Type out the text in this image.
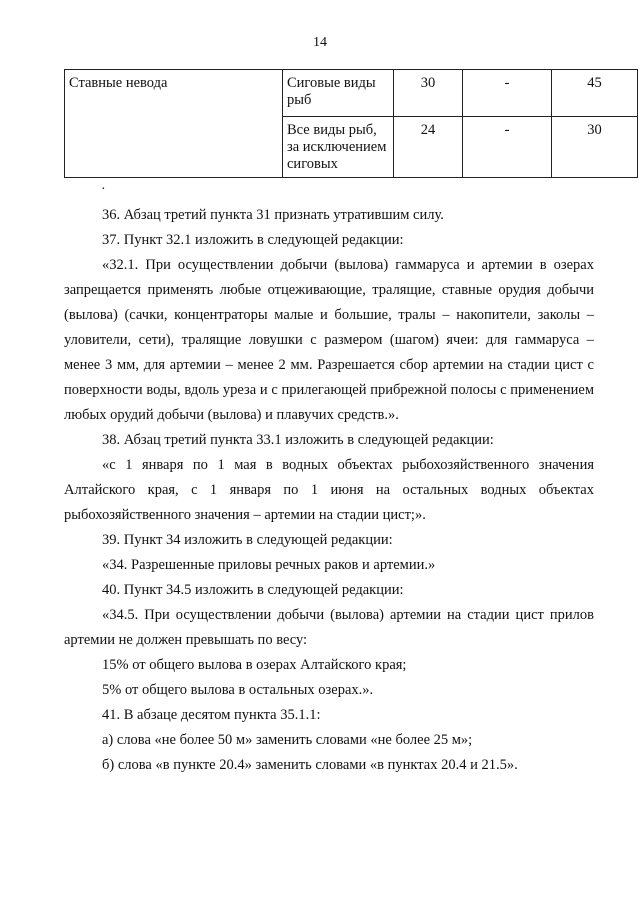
14
Ставные невода	Сиговые виды рыб	30	-	45
	Все виды рыб, за исключением сиговых	24	-	30
·

36. Абзац третий пункта 31 признать утратившим силу.

37. Пункт 32.1 изложить в следующей редакции:

«32.1. При осуществлении добычи (вылова) гаммаруса и артемии в озерах запрещается применять любые отцеживающие, тралящие, ставные орудия добычи (вылова) (сачки, концентраторы малые и большие, тралы – накопители, заколы – уловители, сети), тралящие ловушки с размером (шагом) ячеи: для гаммаруса – менее 3 мм, для артемии – менее 2 мм. Разрешается сбор артемии на стадии цист с поверхности воды, вдоль уреза и с прилегающей прибрежной полосы с применением любых орудий добычи (вылова) и плавучих средств.».

38. Абзац третий пункта 33.1 изложить в следующей редакции:

«с 1 января по 1 мая в водных объектах рыбохозяйственного значения Алтайского края, с 1 января по 1 июня на остальных водных объектах рыбохозяйственного значения – артемии на стадии цист;».

39. Пункт 34 изложить в следующей редакции:

«34. Разрешенные приловы речных раков и артемии.»

40. Пункт 34.5 изложить в следующей редакции:

«34.5. При осуществлении добычи (вылова) артемии на стадии цист прилов артемии не должен превышать по весу:

15% от общего вылова в озерах Алтайского края;

5% от общего вылова в остальных озерах.».

41. В абзаце десятом пункта 35.1.1:

а) слова «не более 50 м» заменить словами «не более 25 м»;

б) слова «в пункте 20.4» заменить словами «в пунктах 20.4 и 21.5».
